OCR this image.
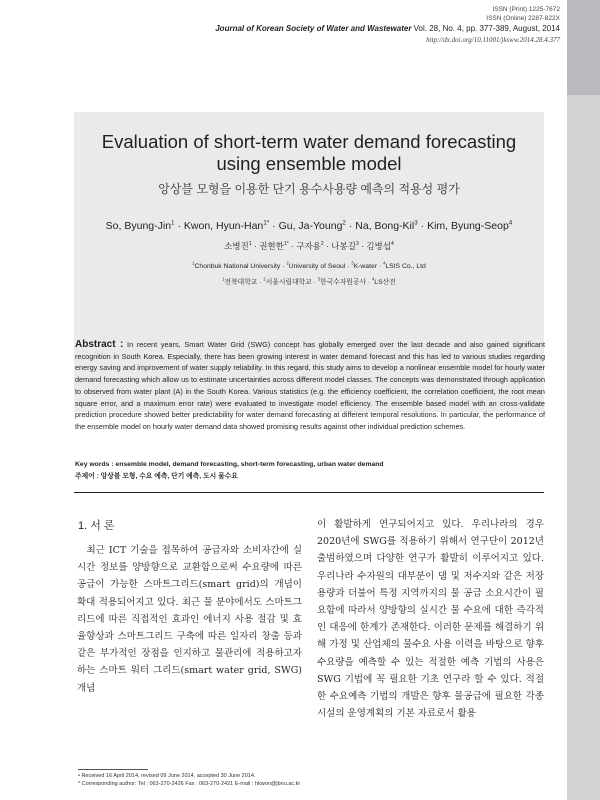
ISSN (Print) 1225-7672
ISSN (Online) 2287-822X
Journal of Korean Society of Water and Wastewater Vol. 28, No. 4, pp. 377-389, August, 2014
http://dx.doi.org/10.11001/jksww.2014.28.4.377
Evaluation of short-term water demand forecasting
using ensemble model
앙상블 모형을 이용한 단기 용수사용량 예측의 적용성 평가
So, Byung-Jin$^1$ · Kwon, Hyun-Han$^{1*}$ · Gu, Ja-Young$^2$ · Na, Bong-Kil$^3$ · Kim, Byung-Seop$^4$
소병진$^1$ · 권현한$^{1*}$ · 구자용$^2$ · 나봉길$^3$ · 김병섭$^4$
$^1$Chonbuk National University · $^2$University of Seoul · $^3$K-water · $^4$LSIS Co., Ltd
$^1$전북대학교 · $^2$서울시립대학교 · $^3$한국수자원공사 · $^4$LS산전
Abstract : In recent years, Smart Water Grid (SWG) concept has globally emerged over the last decade and also gained significant recognition in South Korea. Especially, there has been growing interest in water demand forecast and this has led to various studies regarding energy saving and improvement of water supply reliability. In this regard, this study aims to develop a nonlinear ensemble model for hourly water demand forecasting which allow us to estimate uncertainties across different model classes. The concepts was demonstrated through application to observed from water plant (A) in the South Korea. Various statistics (e.g. the efficiency coefficient, the correlation coefficient, the root mean square error, and a maximum error rate) were evaluated to investigate model efficiency. The ensemble based model with an cross-validate prediction procedure showed better predictability for water demand forecasting at different temporal resolutions. In particular, the performance of the ensemble model on hourly water demand data showed promising results against other individual prediction schemes.
Key words : ensemble model, demand forecasting, short-term forecasting, urban water demand
주제어 : 앙상블 모형, 수요 예측, 단기 예측, 도시 물수요
1. 서 론
최근 ICT 기술을 접목하여 공급자와 소비자간에 실시간 정보를 양방향으로 교환함으로써 수요량에 따른 공급이 가능한 스마트그리드(smart grid)의 개념이 확대 적용되어지고 있다. 최근 물 분야에서도 스마트그리드에 따른 직접적인 효과인 에너지 사용 절감 및 효율향상과 스마트그리드 구축에 따른 일자리 창출 등과 같은 부가적인 장점을 인지하고 물관리에 적용하고자 하는 스마트 워터 그리드(smart water grid, SWG) 개념
이 활발하게 연구되어지고 있다. 우리나라의 경우 2020년에 SWG를 적용하기 위해서 연구단이 2012년 출범하였으며 다양한 연구가 활발히 이루어지고 있다. 우리나라 수자원의 대부분이 댐 및 저수지와 같은 저장용량과 더불어 특정 지역까지의 물 공급 소요시간이 필요함에 따라서 양방향의 실시간 물 수요에 대한 즉각적인 대응에 한계가 존재한다. 이러한 문제를 해결하기 위해 가정 및 산업체의 물수요 사용 이력을 바탕으로 향후 수요량을 예측할 수 있는 적절한 예측 기법의 사용은 SWG 기법에 꼭 필요한 기초 연구라 할 수 있다. 적절한 수요예측 기법의 개발은 향후 물공급에 필요한 각종 시설의 운영계획의 기본 자료로서 활용
• Received 16 April 2014, revised 09 June 2014, accepted 30 June 2014.
* Corresponding author: Tel : 063-270-2426 Fax : 063-270-2421 E-mail : hkwon@jbnu.ac.kr
